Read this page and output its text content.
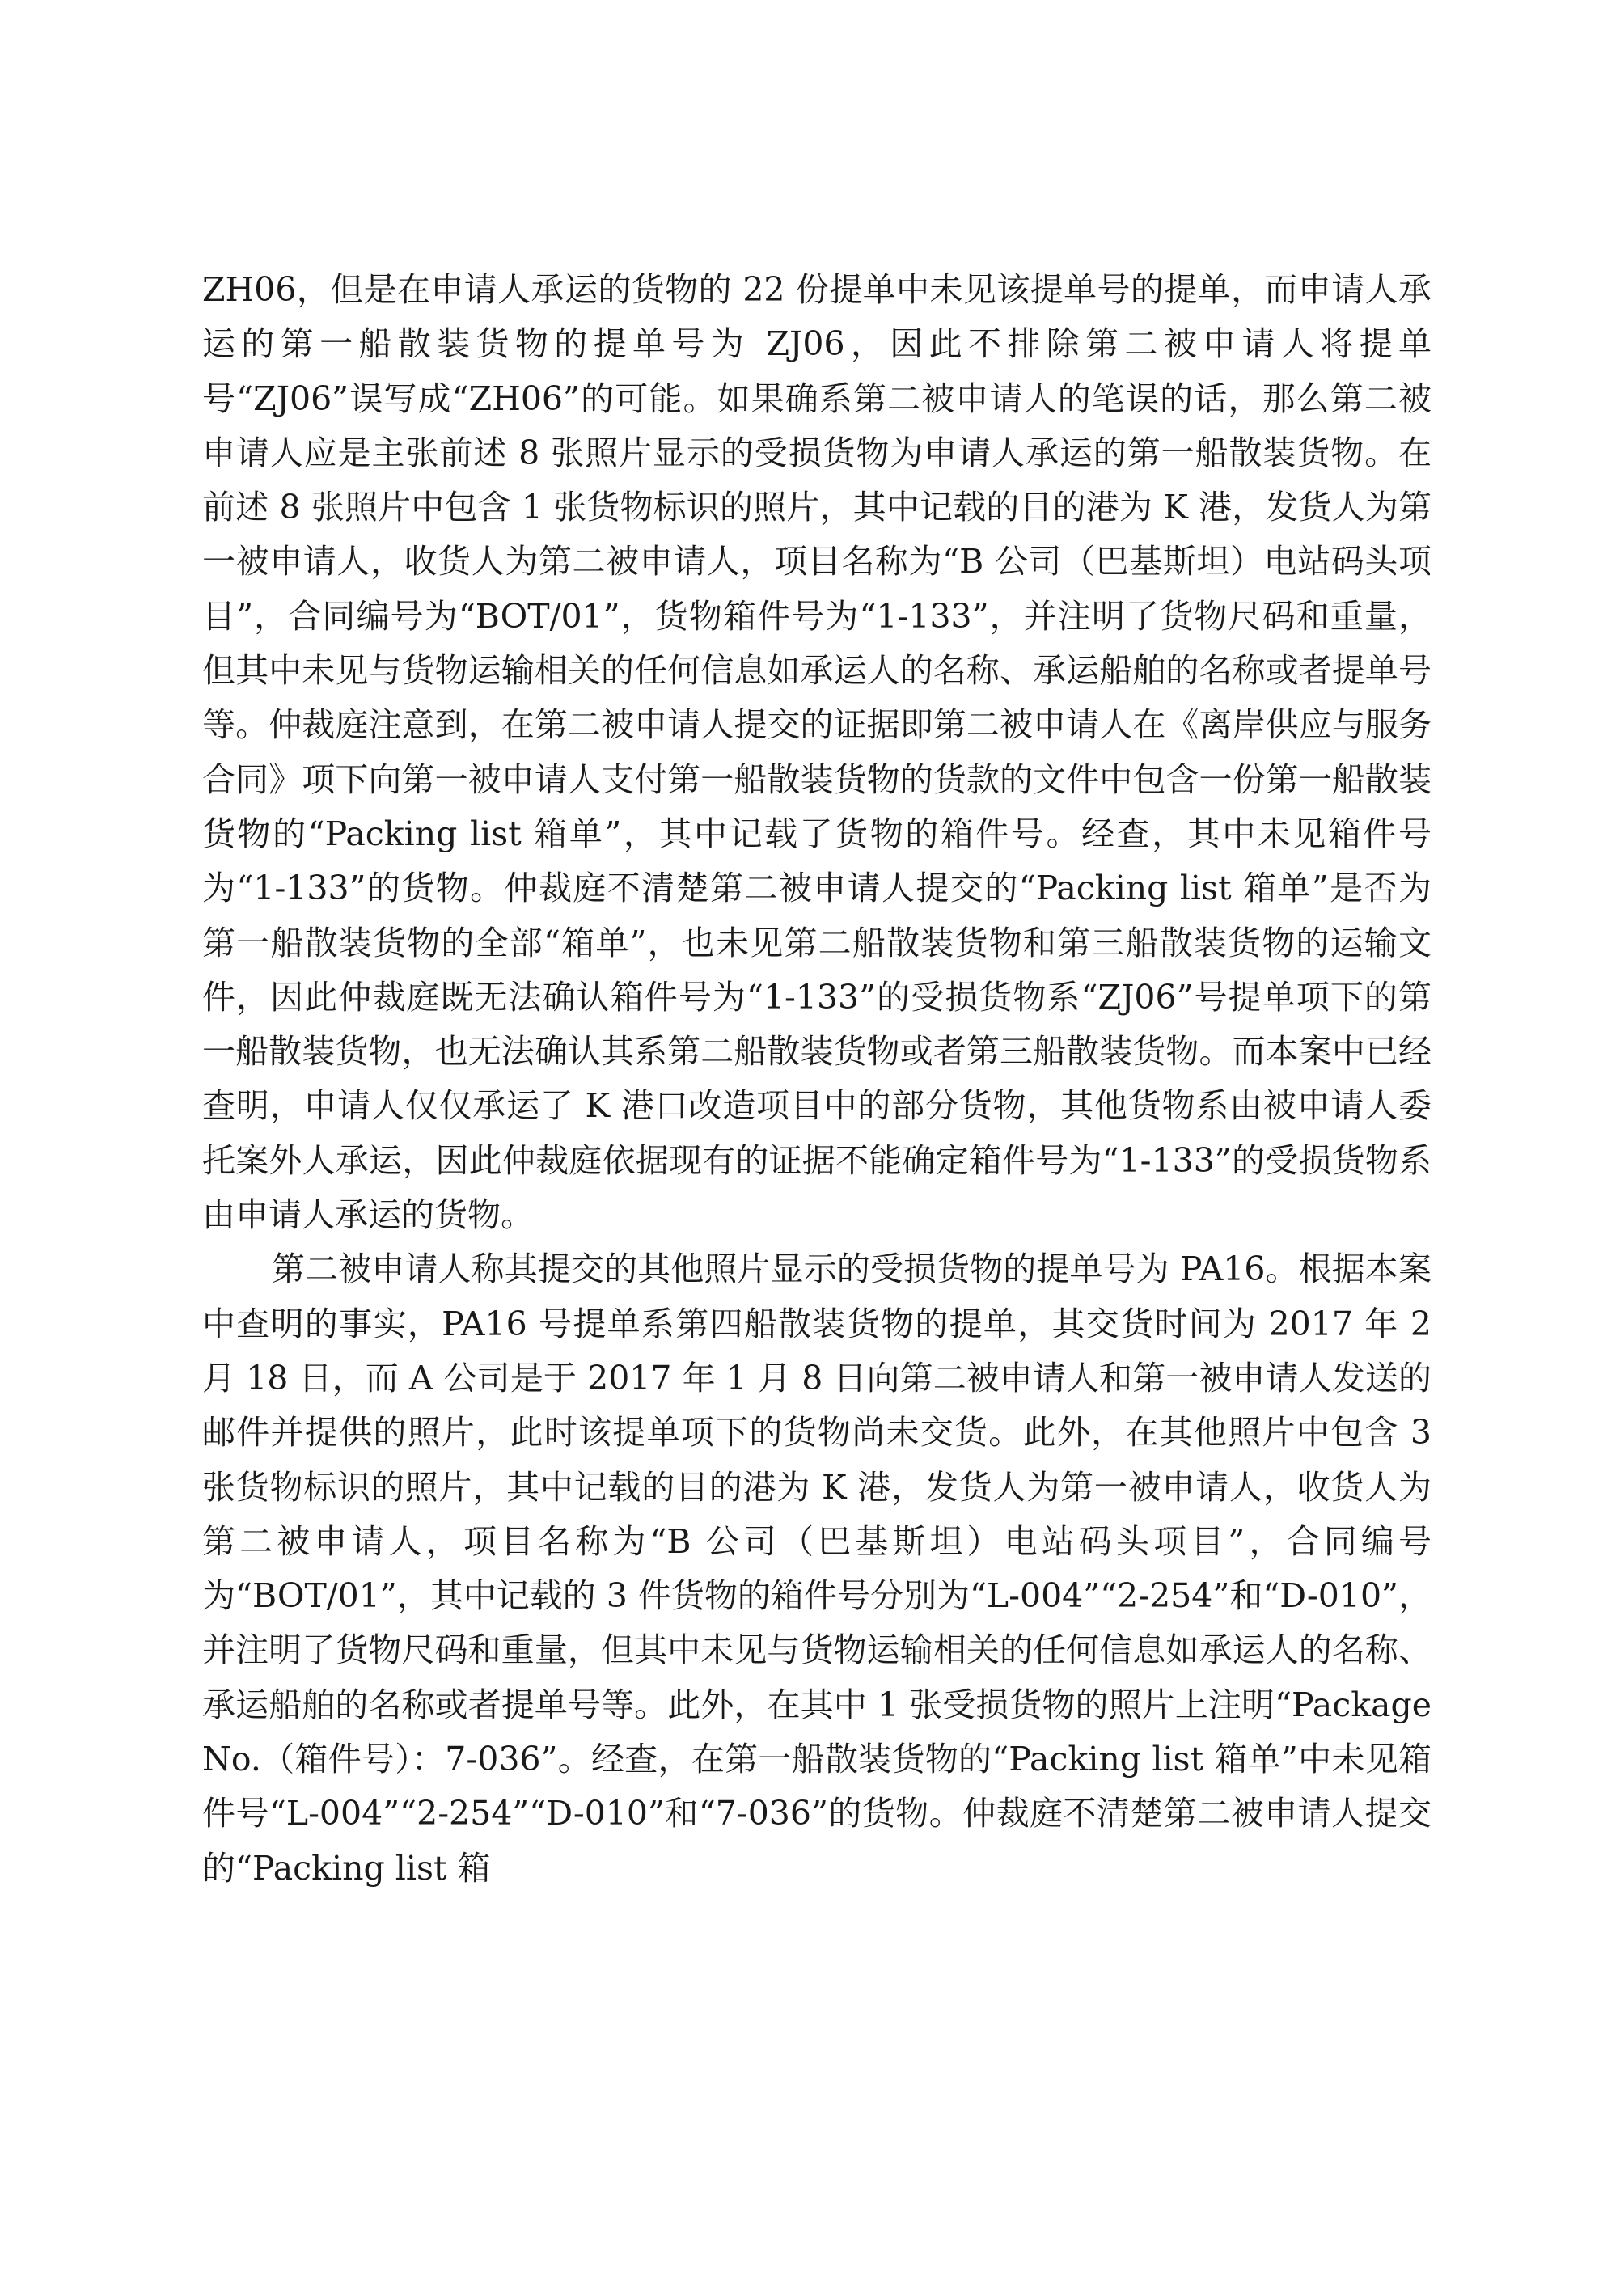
ZH06，但是在申请人承运的货物的 22 份提单中未见该提单号的提单，而申请人承运的第一船散装货物的提单号为 ZJ06，因此不排除第二被申请人将提单号“ZJ06”误写成“ZH06”的可能。如果确系第二被申请人的笔误的话，那么第二被申请人应是主张前述 8 张照片显示的受损货物为申请人承运的第一船散装货物。在前述 8 张照片中包含 1 张货物标识的照片，其中记载的目的港为 K 港，发货人为第一被申请人，收货人为第二被申请人，项目名称为“B 公司（巴基斯坦）电站码头项目”，合同编号为“BOT/01”，货物箱件号为“1-133”，并注明了货物尺码和重量，但其中未见与货物运输相关的任何信息如承运人的名称、承运船舶的名称或者提单号等。仲裁庭注意到，在第二被申请人提交的证据即第二被申请人在《离岸供应与服务合同》项下向第一被申请人支付第一船散装货物的货款的文件中包含一份第一船散装货物的“Packing list 箱单”，其中记载了货物的箱件号。经查，其中未见箱件号为“1-133”的货物。仲裁庭不清楚第二被申请人提交的“Packing list 箱单”是否为第一船散装货物的全部“箱单”，也未见第二船散装货物和第三船散装货物的运输文件，因此仲裁庭既无法确认箱件号为“1-133”的受损货物系“ZJ06”号提单项下的第一船散装货物，也无法确认其系第二船散装货物或者第三船散装货物。而本案中已经查明，申请人仅仅承运了 K 港口改造项目中的部分货物，其他货物系由被申请人委托案外人承运，因此仲裁庭依据现有的证据不能确定箱件号为“1-133”的受损货物系由申请人承运的货物。

第二被申请人称其提交的其他照片显示的受损货物的提单号为 PA16。根据本案中查明的事实，PA16 号提单系第四船散装货物的提单，其交货时间为 2017 年 2 月 18 日，而 A 公司是于 2017 年 1 月 8 日向第二被申请人和第一被申请人发送的邮件并提供的照片，此时该提单项下的货物尚未交货。此外，在其他照片中包含 3 张货物标识的照片，其中记载的目的港为 K 港，发货人为第一被申请人，收货人为第二被申请人，项目名称为“B 公司（巴基斯坦）电站码头项目”，合同编号为“BOT/01”，其中记载的 3 件货物的箱件号分别为“L-004”“2-254”和“D-010”，并注明了货物尺码和重量，但其中未见与货物运输相关的任何信息如承运人的名称、承运船舶的名称或者提单号等。此外，在其中 1 张受损货物的照片上注明“Package No.（箱件号）：7-036”。经查，在第一船散装货物的“Packing list 箱单”中未见箱件号“L-004”“2-254”“D-010”和“7-036”的货物。仲裁庭不清楚第二被申请人提交的“Packing list 箱
